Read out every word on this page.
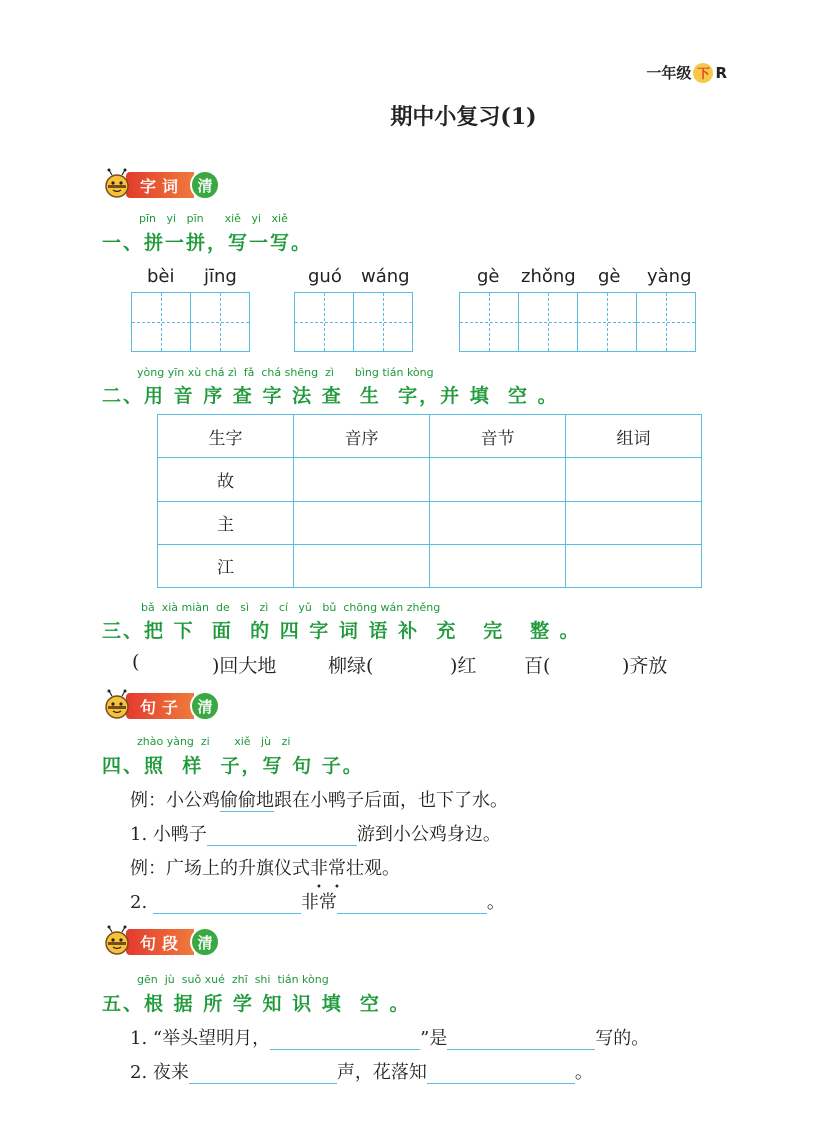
一年级 下 R
期中小复习(1)
字词 清
pīn yi pīn xiě yi xiě
一、拼一拼，写一写。
bèi jīng	guó wáng	gè zhǒng gè yàng
yòng yīn xù chá zì  fǎ  chá shēng  zì      bìng tián kòng
二、用 音 序 查 字 法 查  生  字，并 填  空 。
生字	音序	音节	组词
故			
主			
江			
bǎ  xià miàn  de   sì   zì   cí   yǔ   bǔ  chōng wán zhěng
三、把 下  面  的 四 字 词 语 补  充   完   整 。
(	)回大地	柳绿(	)红	百(	)齐放
句子 清
zhào yàng  zi       xiě   jù   zi
四、照  样  子，写 句 子。
例：小公鸡偷偷地跟在小鸭子后面，也下了水。
1. 小鸭子	游到小公鸡身边。
例：广场上的升旗仪式非常壮观。
2.	非常	。
句段 清
gēn  jù  suǒ xué  zhī  shi  tián kòng
五、根 据 所 学 知 识 填  空 。
1. “举头望明月，	”是	写的。
2. 夜来	声，花落知	。
